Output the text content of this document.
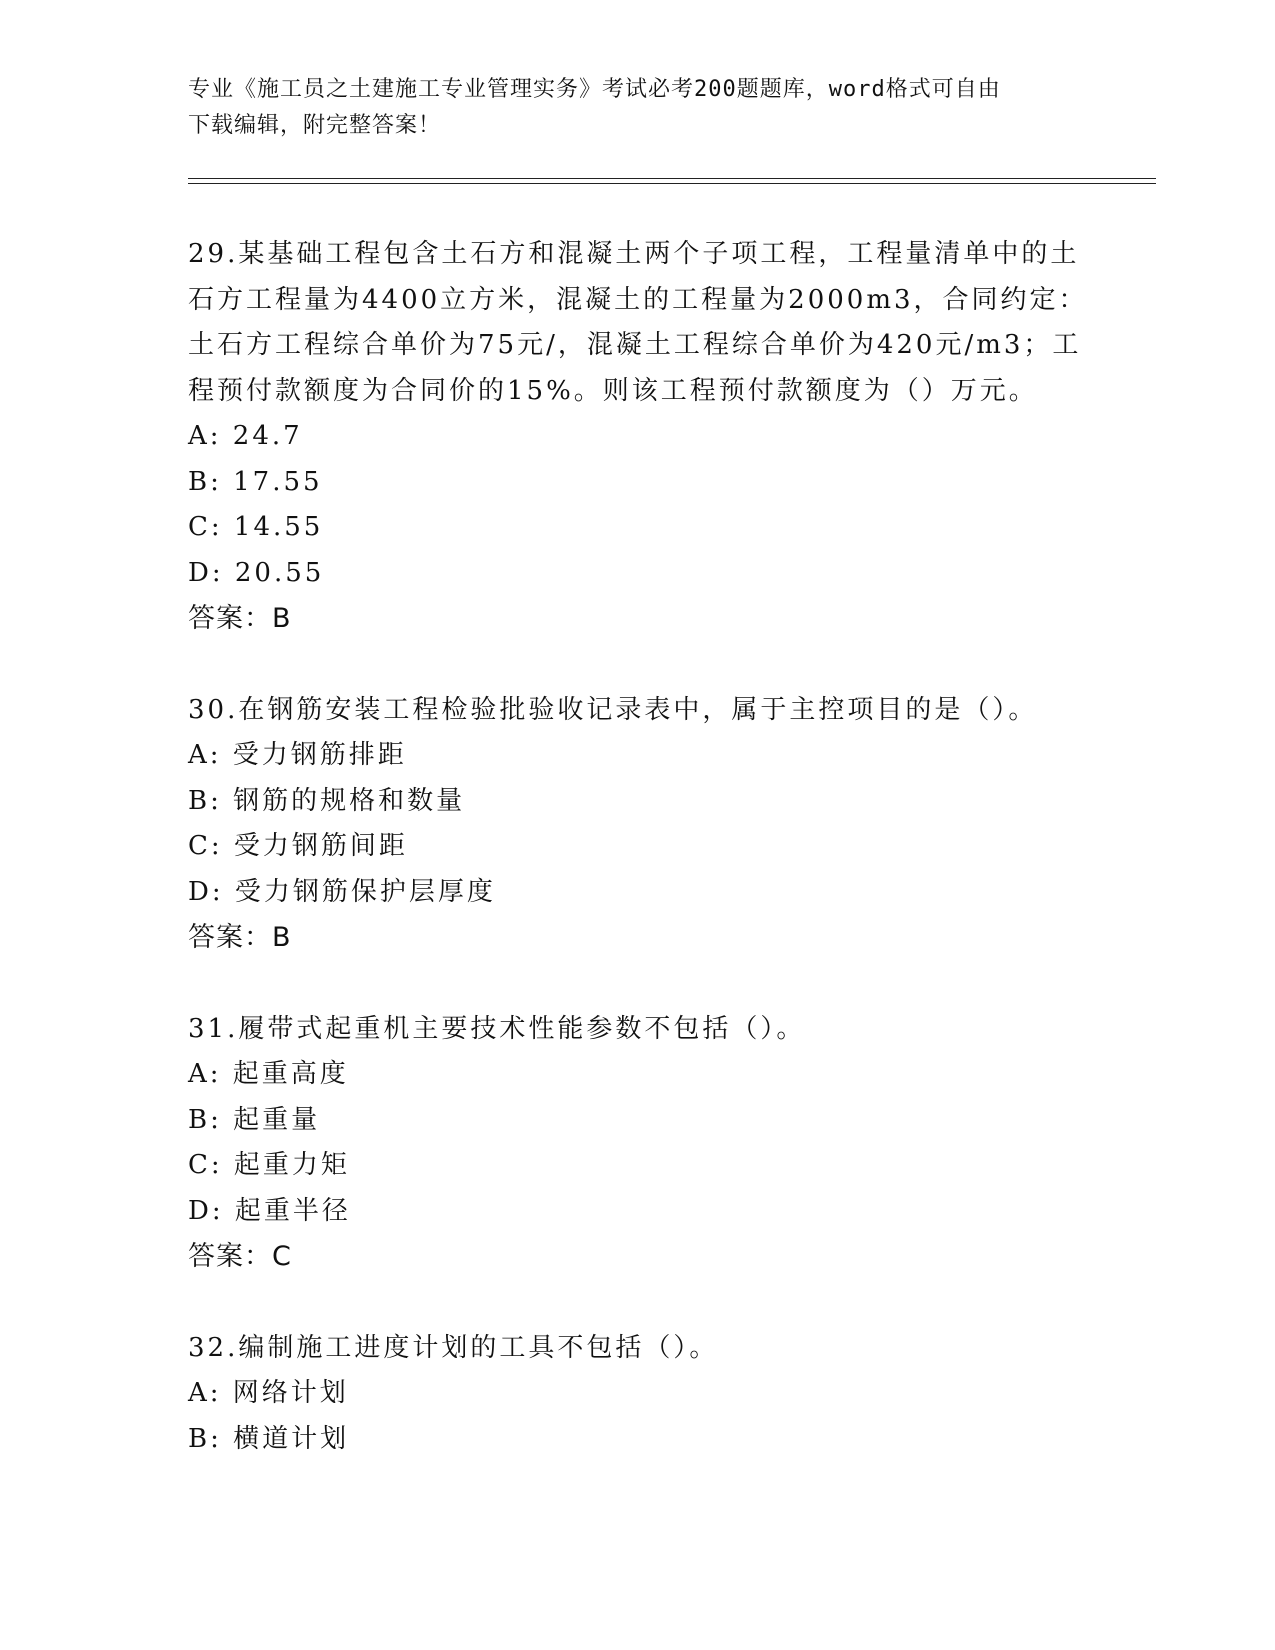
专业《施工员之土建施工专业管理实务》考试必考200题题库，word格式可自由
下载编辑，附完整答案！

29.某基础工程包含土石方和混凝土两个子项工程，工程量清单中的土石方工程量为4400立方米，混凝土的工程量为2000m3，合同约定：土石方工程综合单价为75元/，混凝土工程综合单价为420元/m3；工程预付款额度为合同价的15%。则该工程预付款额度为（）万元。

A: 24.7

B: 17.55

C: 14.55

D: 20.55

答案：B

30.在钢筋安装工程检验批验收记录表中，属于主控项目的是（）。

A: 受力钢筋排距

B: 钢筋的规格和数量

C: 受力钢筋间距

D: 受力钢筋保护层厚度

答案：B

31.履带式起重机主要技术性能参数不包括（）。

A: 起重高度

B: 起重量

C: 起重力矩

D: 起重半径

答案：C

32.编制施工进度计划的工具不包括（）。

A: 网络计划

B: 横道计划
